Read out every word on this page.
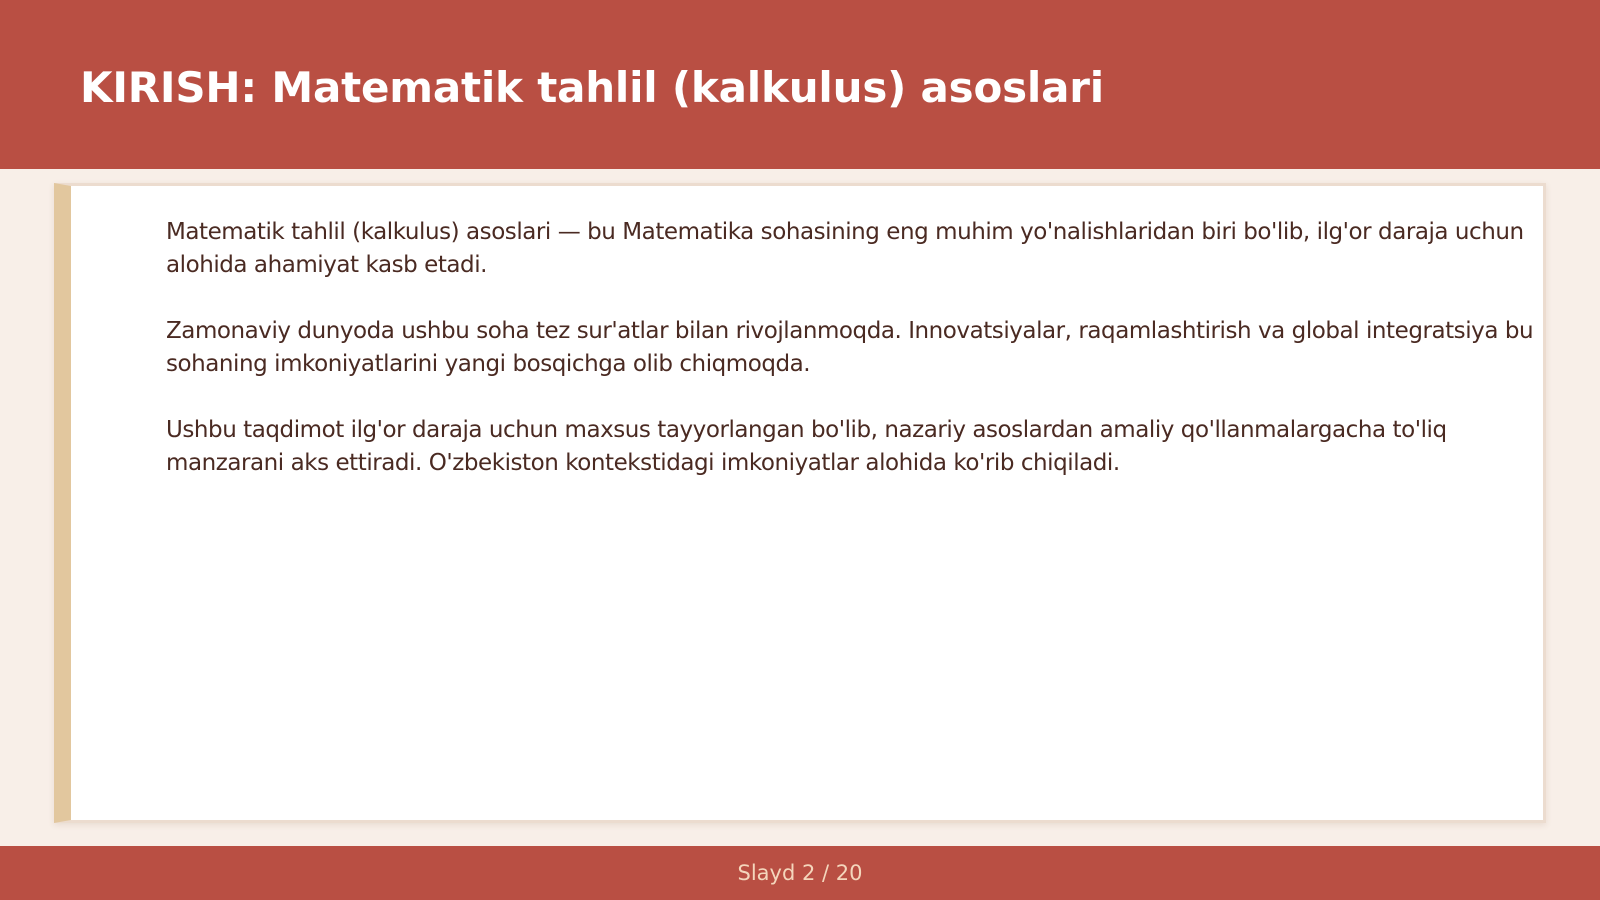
KIRISH: Matematik tahlil (kalkulus) asoslari

Matematik tahlil (kalkulus) asoslari — bu Matematika sohasining eng muhim yo'nalishlaridan biri bo'lib, ilg'or daraja uchun alohida ahamiyat kasb etadi.

Zamonaviy dunyoda ushbu soha tez sur'atlar bilan rivojlanmoqda. Innovatsiyalar, raqamlashtirish va global integratsiya bu sohaning imkoniyatlarini yangi bosqichga olib chiqmoqda.

Ushbu taqdimot ilg'or daraja uchun maxsus tayyorlangan bo'lib, nazariy asoslardan amaliy qo'llanmalargacha to'liq manzarani aks ettiradi. O'zbekiston kontekstidagi imkoniyatlar alohida ko'rib chiqiladi.

Slayd 2 / 20
